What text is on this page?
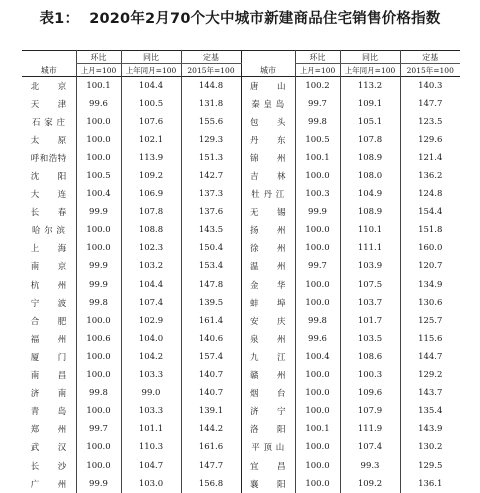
表1： 2020年2月70个大中城市新建商品住宅销售价格指数
城市	环比	同比	定基	城市	环比	同比	定基
	上月=100	上年同月=100	2015年=100		上月=100	上年同月=100	2015年=100
北　　京	100.1	104.4	144.8	唐　　山	100.2	113.2	140.3
天　　津	99.6	100.5	131.8	秦 皇 岛	99.7	109.1	147.7
石 家 庄	100.0	107.6	155.6	包　　头	99.8	105.1	123.5
太　　原	100.0	102.1	129.3	丹　　东	100.5	107.8	129.6
呼和浩特	100.0	113.9	151.3	锦　　州	100.1	108.9	121.4
沈　　阳	100.5	109.2	142.7	吉　　林	100.0	108.0	136.2
大　　连	100.4	106.9	137.3	牡 丹 江	100.3	104.9	124.8
长　　春	99.9	107.8	137.6	无　　锡	99.9	108.9	154.4
哈 尔 滨	100.0	108.8	143.5	扬　　州	100.0	110.1	151.8
上　　海	100.0	102.3	150.4	徐　　州	100.0	111.1	160.0
南　　京	99.9	103.2	153.4	温　　州	99.7	103.9	120.7
杭　　州	99.9	104.4	147.8	金　　华	100.0	107.5	134.9
宁　　波	99.8	107.4	139.5	蚌　　埠	100.0	103.7	130.6
合　　肥	100.0	102.9	161.4	安　　庆	99.8	101.7	125.7
福　　州	100.6	104.0	140.6	泉　　州	99.6	103.5	115.6
厦　　门	100.0	104.2	157.4	九　　江	100.4	108.6	144.7
南　　昌	100.0	103.3	140.7	赣　　州	100.0	100.3	129.2
济　　南	99.8	99.0	140.7	烟　　台	100.0	109.6	143.7
青　　岛	100.0	103.3	139.1	济　　宁	100.0	107.9	135.4
郑　　州	99.7	101.1	144.2	洛　　阳	100.1	111.9	143.9
武　　汉	100.0	110.3	161.6	平 顶 山	100.0	107.4	130.2
长　　沙	100.0	104.7	147.7	宜　　昌	100.0	99.3	129.5
广　　州	99.9	103.0	156.8	襄　　阳	100.0	109.2	136.1
